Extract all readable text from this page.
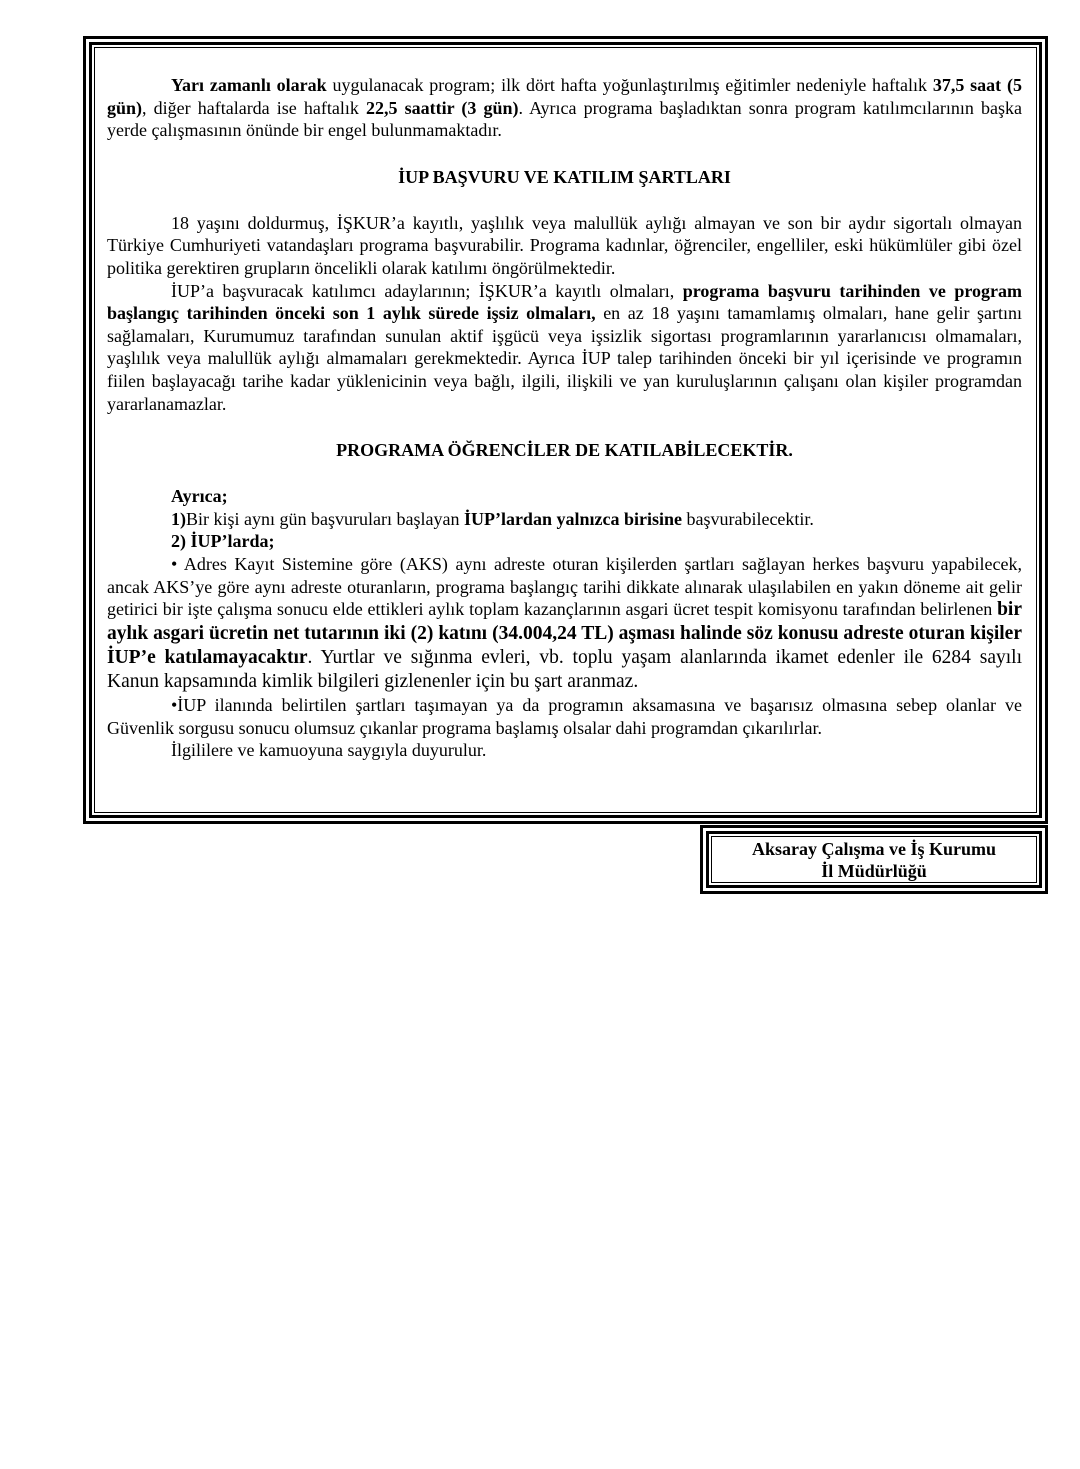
Yarı zamanlı olarak uygulanacak program; ilk dört hafta yoğunlaştırılmış eğitimler nedeniyle haftalık 37,5 saat (5 gün), diğer haftalarda ise haftalık 22,5 saattir (3 gün). Ayrıca programa başladıktan sonra program katılımcılarının başka yerde çalışmasının önünde bir engel bulunmamaktadır.

İUP BAŞVURU VE KATILIM ŞARTLARI

18 yaşını doldurmuş, İŞKUR’a kayıtlı, yaşlılık veya malullük aylığı almayan ve son bir aydır sigortalı olmayan Türkiye Cumhuriyeti vatandaşları programa başvurabilir. Programa kadınlar, öğrenciler, engelliler, eski hükümlüler gibi özel politika gerektiren grupların öncelikli olarak katılımı öngörülmektedir.

İUP’a başvuracak katılımcı adaylarının; İŞKUR’a kayıtlı olmaları, programa başvuru tarihinden ve program başlangıç tarihinden önceki son 1 aylık sürede işsiz olmaları, en az 18 yaşını tamamlamış olmaları, hane gelir şartını sağlamaları, Kurumumuz tarafından sunulan aktif işgücü veya işsizlik sigortası programlarının yararlanıcısı olmamaları, yaşlılık veya malullük aylığı almamaları gerekmektedir. Ayrıca İUP talep tarihinden önceki bir yıl içerisinde ve programın fiilen başlayacağı tarihe kadar yüklenicinin veya bağlı, ilgili, ilişkili ve yan kuruluşlarının çalışanı olan kişiler programdan yararlanamazlar.

PROGRAMA ÖĞRENCİLER DE KATILABİLECEKTİR.

Ayrıca;

1)Bir kişi aynı gün başvuruları başlayan İUP’lardan yalnızca birisine başvurabilecektir.

2) İUP’larda;

• Adres Kayıt Sistemine göre (AKS) aynı adreste oturan kişilerden şartları sağlayan herkes başvuru yapabilecek, ancak AKS’ye göre aynı adreste oturanların, programa başlangıç tarihi dikkate alınarak ulaşılabilen en yakın döneme ait gelir getirici bir işte çalışma sonucu elde ettikleri aylık toplam kazançlarının asgari ücret tespit komisyonu tarafından belirlenen bir aylık asgari ücretin net tutarının iki (2) katını (34.004,24 TL) aşması halinde söz konusu adreste oturan kişiler İUP’e katılamayacaktır. Yurtlar ve sığınma evleri, vb. toplu yaşam alanlarında ikamet edenler ile 6284 sayılı Kanun kapsamında kimlik bilgileri gizlenenler için bu şart aranmaz.

•İUP ilanında belirtilen şartları taşımayan ya da programın aksamasına ve başarısız olmasına sebep olanlar ve Güvenlik sorgusu sonucu olumsuz çıkanlar programa başlamış olsalar dahi programdan çıkarılırlar.

İlgililere ve kamuoyuna saygıyla duyurulur.

Aksaray Çalışma ve İş Kurumu
İl Müdürlüğü
